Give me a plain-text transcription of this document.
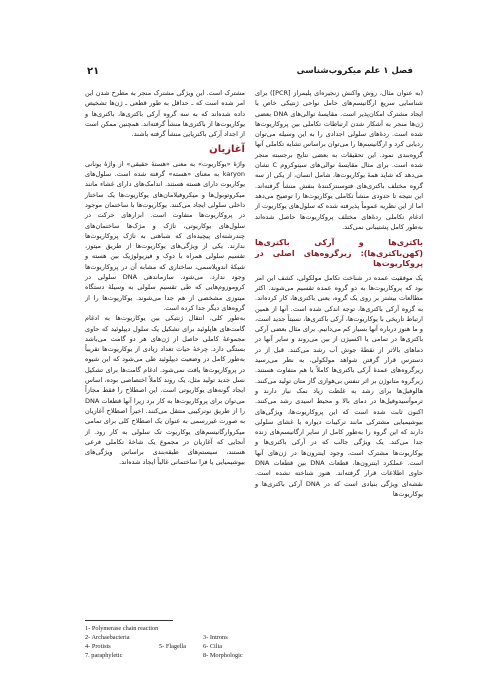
۲۱	فصل ۱ علم میکروب‌شناسی

(به عنوان مثال، روش واکنش زنجیره‌ای پلیمراز [PCR]) برای شناسایی سریع ارگانیسم‌های حامل نواحی ژنتیکی خاص یا ایجاد مشترک امکان‌پذیر است. مقایسهٔ توالی‌های DNA بعضی ژن‌ها منجر به آشکار شدن ارتباطات تکاملی بین پروکاریوت‌ها شده است. ردهٔ‌های سلولی اجدادی را به این وسیله می‌توان ردیابی کرد و ارگانیسم‌ها را می‌توان براساس تشابه تکاملی آنها گروه‌بندی نمود. این تحقیقات به بعضی نتایج برجسته منجر شده است. برای مثال مقایسهٔ توالی‌های سیتوکروم C نشان می‌دهد که شاید همهٔ یوکاریوت‌ها، شامل انسان، از یکی از سه گروه مختلف باکتری‌های فتوسنتزکنندهٔ بنفش منشأ گرفته‌اند. این نتیجه تا حدودی منشأ تکاملی یوکاریوت‌ها را توضیح می‌دهد اما از این نظریه عموماً پذیرفته شده که سلول‌های یوکاریوت از ادغام تکاملی ردهٔ‌های مختلف پروکاریوت‌ها حاصل شده‌اند به‌طور کامل پشتیبانی نمی‌کند.

باکتری‌ها و آرکی باکتری‌ها (کهن‌باکتری‌ها): زیرگروه‌های اصلی در پروکاریوت‌ها

یک موفقیت عمده در شناخت تکامل مولکولی، کشف این امر بود که پروکاریوت‌ها به دو گروه عمده تقسیم می‌شوند. اکثر مطالعات بیشتر بر روی یک گروه، یعنی باکتری‌ها، کار کرده‌اند. به گروه آرکی باکتری‌ها، توجه اندکی شده است. آنها از همین ارتباط تاریخی با یوکاریوت‌ها، آرکی باکتری‌ها، نسبتاً جدید است، و ما هنوز درباره آنها بسیار کم می‌دانیم. برای مثال بعضی آرکی باکتری‌ها در تمامی یا اکسیژن از بین می‌روند و سایر آنها در دماهای بالاتر از نقطهٔ جوش آب رشد می‌کنند. قبل از در دسترس قرار گرفتن شواهد مولکولی، به نظر می‌رسید زیرگروه‌های عمدهٔ آرکی باکتری‌ها کاملاً با هم متفاوت هستند. زیرگروه متانوژن بر اثر تنفس بی‌هوازی گاز متان تولید می‌کنند. هالوفیل‌ها برای رشد به غلظت زیاد نمک نیاز دارند و ترموآسیدوفیل‌ها در دمای بالا و محیط اسیدی رشد می‌کنند. اکنون ثابت شده است که این پروکاریوت‌ها، ویژگی‌های بیوشیمیایی مشترکی مانند ترکیبات دیواره یا غشای سلولی دارند که این گروه را به‌طور کامل از سایر ارگانیسم‌های زنده جدا می‌کند. یک ویژگی جالب که در آرکی باکتری‌ها و یوکاریوت‌ها مشترک است، وجود اینترون‌ها در ژن‌های آنها است. عملکرد اینترون‌ها، قطعات DNA بین قطعات DNA حاوی اطلاعات قرار گرفته‌اند. هنوز شناخته نشده است. نقشه‌ای ویژگی بنیادی است که در DNA آرکی باکتری‌ها و یوکاریوت‌ها

مشترک است. این ویژگی مشترک منجر به مطرح شدن این امر شده است که ـ حداقل به طور قطعی ـ ژن‌ها تشخیص داده شده‌اند که به سه گروه آرکی باکتری‌ها، باکتری‌ها و یوکاریوت‌ها از باکتری‌ها منشأ گرفته‌اند. همچنین ممکن است از اجداد آرکی باکتریایی منشأ گرفته باشند.

آغازیان

واژهٔ «یوکاریوت» به معنی «هستهٔ حقیقی» از واژهٔ یونانی karyon به معنای «هسته» گرفته شده است. سلول‌های یوکاریوت دارای هسته هستند. اندامک‌های دارای غشاء مانند میکروتوبول‌ها و میکروفیلامان‌های یوکاریوت‌ها یک ساختار داخلی سلولی ایجاد می‌کنند. یوکاریوت‌ها با ساختمان موجود در پروکاریوت‌ها متفاوت است. ابزارهای حرکت در سلول‌های یوکاریوتی، تاژک و مژک‌ها ساختمان‌های چندرشته‌ای پیچیده‌ای که شباهتی به تاژک پروکاریوت‌ها ندارند. یکی از ویژگی‌های یوکاریوت‌ها از طریق میتوز، تقسیم سلولی همراه با دوک و فیزیولوژیک بین هسته و شبکهٔ اندوپلاسمی، ساختاری که مشابه آن در پروکاریوت‌ها وجود ندارد. می‌شود. سازماندهی DNA سلولی در کروموزوم‌هایی که طی تقسیم سلولی به وسیلهٔ دستگاه میتوزی مشخصی از هم جدا می‌شوند. یوکاریوت‌ها را از گروه‌های دیگر جدا کرده است.

به‌طور کلی، انتقال ژنتیکی بین یوکاریوت‌ها به ادغام گامت‌های هاپلوئید برای تشکیل یک سلول دیپلوئید که حاوی مجموعهٔ کاملی حاصل از ژن‌های هر دو گامت می‌باشد بستگی دارد. چرخهٔ حیات تعداد زیادی از یوکاریوت‌ها تقریباً به‌طور کامل در وضعیت دیپلوئید طی می‌شود که این شیوه در پروکاریوت‌ها یافت نمی‌شود. ادغام گامت‌ها برای تشکیل نسل جدید تولید مثل، یک روند کاملاً اختصاصی بوده، اساس ایجاد گونه‌های یوکاریوتی است. این اصطلاح را فقط مجازاً می‌توان برای پروکاریوت‌ها به کار برد زیرا آنها قطعات DNA را از طریق نوترکیبی منتقل می‌کنند. اخیراً اصطلاح آغازیان به صورت غیررسمی به عنوان یک اصطلاح کلی برای تمامی میکروارگانیسم‌های یوکاریوت تک سلولی به کار رود. از آنجایی که آغازیان در مجموع یک شاخهٔ تکاملی فرعی هستند، سیستم‌های طبقه‌بندی براساس ویژگی‌های بیوشیمیایی یا فرا ساختمانی غالباً ایجاد شده‌اند.

1- Polymerase chain reaction
2- Archaebacteria	3- Introns
4- Protists	5- Flagella	6- Cilia
7. paraphyletic	8- Morphologic
